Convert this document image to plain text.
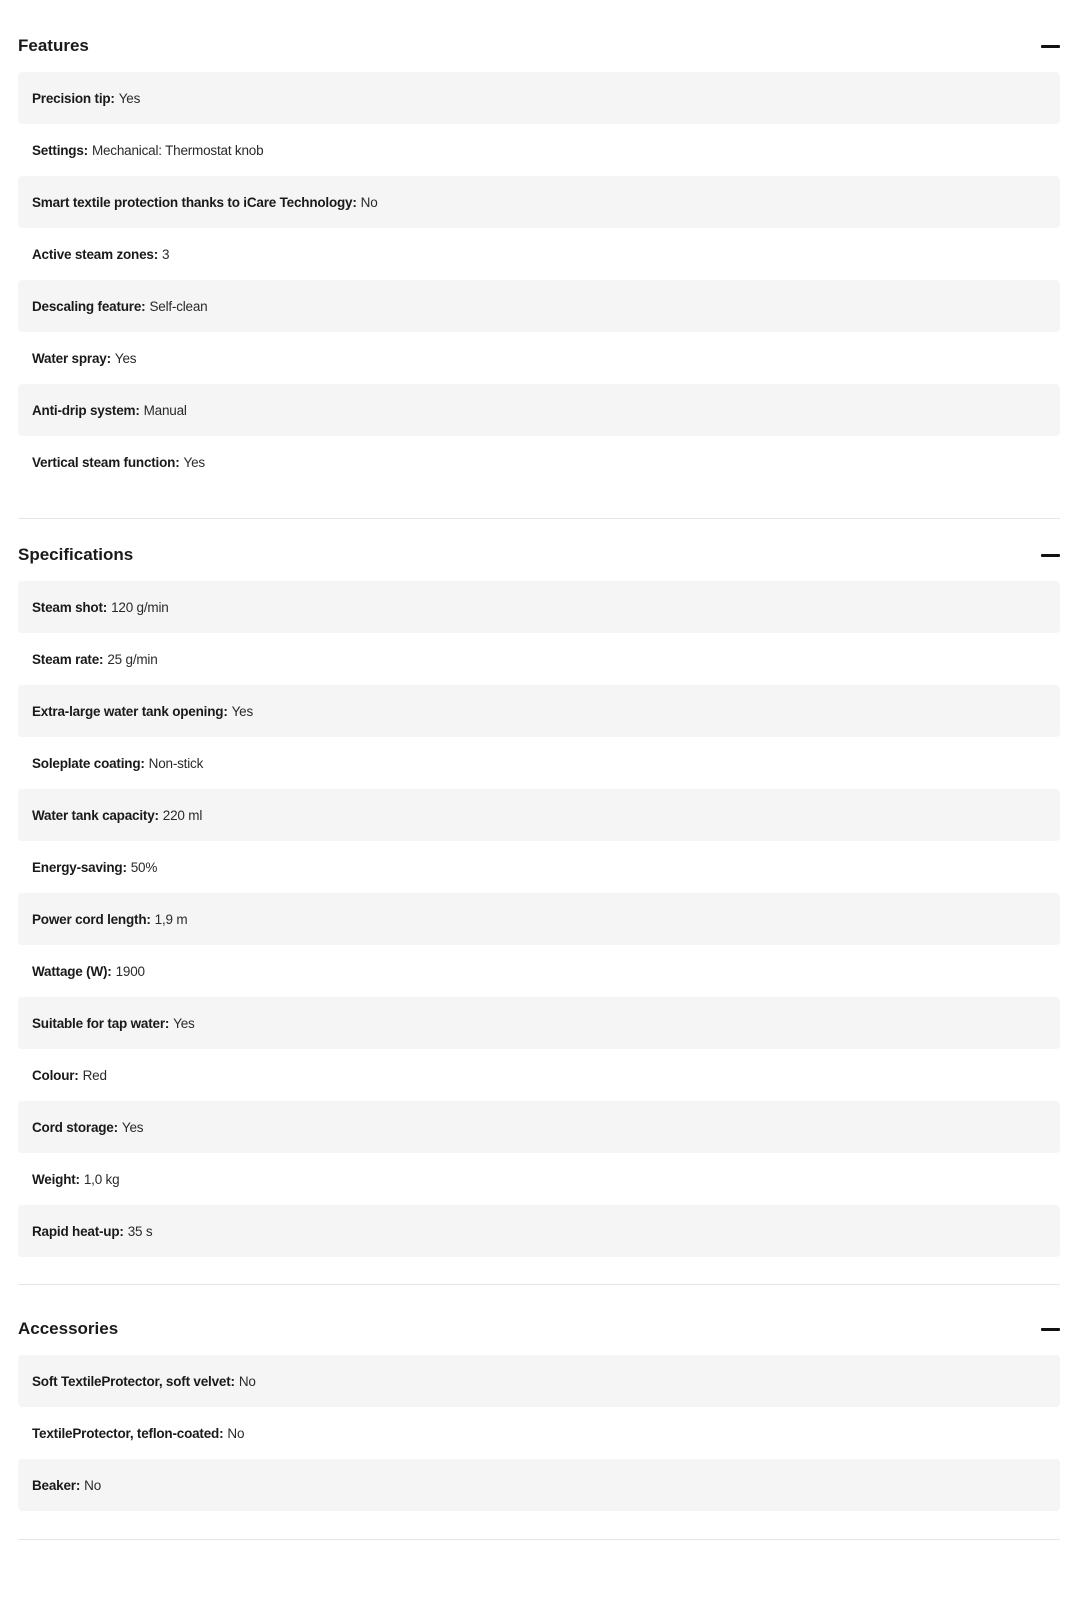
Features
Precision tip : Yes
Settings : Mechanical: Thermostat knob
Smart textile protection thanks to iCare Technology : No
Active steam zones : 3
Descaling feature : Self-clean
Water spray : Yes
Anti-drip system : Manual
Vertical steam function : Yes
Specifications
Steam shot : 120 g/min
Steam rate : 25 g/min
Extra-large water tank opening : Yes
Soleplate coating : Non-stick
Water tank capacity : 220 ml
Energy-saving : 50%
Power cord length : 1,9 m
Wattage (W) : 1900
Suitable for tap water : Yes
Colour : Red
Cord storage : Yes
Weight : 1,0 kg
Rapid heat-up : 35 s
Accessories
Soft TextileProtector, soft velvet : No
TextileProtector, teflon-coated : No
Beaker : No
